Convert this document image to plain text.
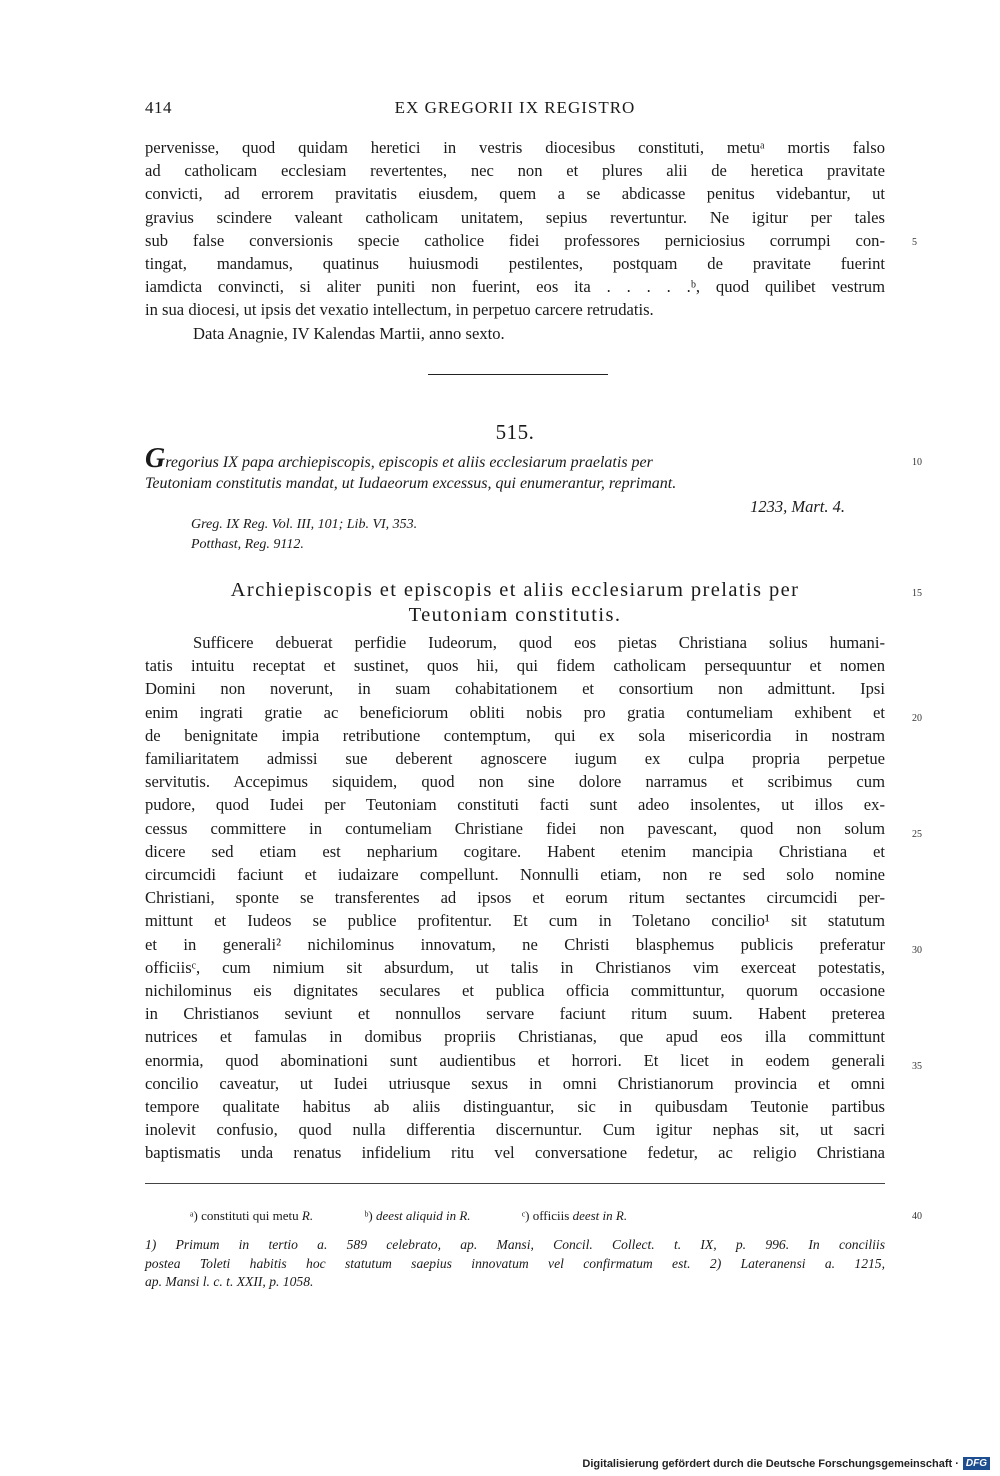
414	EX GREGORII IX REGISTRO
pervenisse, quod quidam heretici in vestris diocesibus constituti, metuᵃ mortis falso
ad catholicam ecclesiam revertentes, nec non et plures alii de heretica pravitate
convicti, ad errorem pravitatis eiusdem, quem a se abdicasse penitus videbantur, ut
gravius scindere valeant catholicam unitatem, sepius revertuntur. Ne igitur per tales
sub false conversionis specie catholice fidei professores perniciosius corrumpi con-
tingat, mandamus, quatinus huiusmodi pestilentes, postquam de pravitate fuerint
iamdicta convincti, si aliter puniti non fuerint, eos ita . . . . .ᵇ, quod quilibet vestrum
in sua diocesi, ut ipsis det vexatio intellectum, in perpetuo carcere retrudatis.
Data Anagnie, IV Kalendas Martii, anno sexto.
515.
Gregorius IX papa archiepiscopis, episcopis et aliis ecclesiarum praelatis per
Teutoniam constitutis mandat, ut Iudaeorum excessus, qui enumerantur, reprimant.
1233, Mart. 4.
Greg. IX Reg. Vol. III, 101; Lib. VI, 353.
Potthast, Reg. 9112.
Archiepiscopis et episcopis et aliis ecclesiarum prelatis per
Teutoniam constitutis.
Sufficere debuerat perfidie Iudeorum, quod eos pietas Christiana solius humani-
tatis intuitu receptat et sustinet, quos hii, qui fidem catholicam persequuntur et nomen
Domini non noverunt, in suam cohabitationem et consortium non admittunt. Ipsi
enim ingrati gratie ac beneficiorum obliti nobis pro gratia contumeliam exhibent et
de benignitate impia retributione contemptum, qui ex sola misericordia in nostram
familiaritatem admissi sue deberent agnoscere iugum ex culpa propria perpetue
servitutis. Accepimus siquidem, quod non sine dolore narramus et scribimus cum
pudore, quod Iudei per Teutoniam constituti facti sunt adeo insolentes, ut illos ex-
cessus committere in contumeliam Christiane fidei non pavescant, quod non solum
dicere sed etiam est nepharium cogitare. Habent etenim mancipia Christiana et
circumcidi faciunt et iudaizare compellunt. Nonnulli etiam, non re sed solo nomine
Christiani, sponte se transferentes ad ipsos et eorum ritum sectantes circumcidi per-
mittunt et Iudeos se publice profitentur. Et cum in Toletano concilio¹ sit statutum
et in generali² nichilominus innovatum, ne Christi blasphemus publicis preferatur
officiisᶜ, cum nimium sit absurdum, ut talis in Christianos vim exerceat potestatis,
nichilominus eis dignitates seculares et publica officia committuntur, quorum occasione
in Christianos seviunt et nonnullos servare faciunt ritum suum. Habent preterea
nutrices et famulas in domibus propriis Christianas, que apud eos illa committunt
enormia, quod abominationi sunt audientibus et horrori. Et licet in eodem generali
concilio caveatur, ut Iudei utriusque sexus in omni Christianorum provincia et omni
tempore qualitate habitus ab aliis distinguantur, sic in quibusdam Teutonie partibus
inolevit confusio, quod nulla differentia discernuntur. Cum igitur nephas sit, ut sacri
baptismatis unda renatus infidelium ritu vel conversatione fedetur, ac religio Christiana
5
10
15
20
25
30
35
40
ᵃ) constituti qui metu R.	ᵇ) deest aliquid in R.	ᶜ) officiis deest in R.
1) Primum in tertio a. 589 celebrato, ap. Mansi, Concil. Collect. t. IX, p. 996. In conciliis
postea Toleti habitis hoc statutum saepius innovatum vel confirmatum est. 2) Lateranensi a. 1215,
ap. Mansi l. c. t. XXII, p. 1058.
Digitalisierung gefördert durch die Deutsche Forschungsgemeinschaft · DFG
